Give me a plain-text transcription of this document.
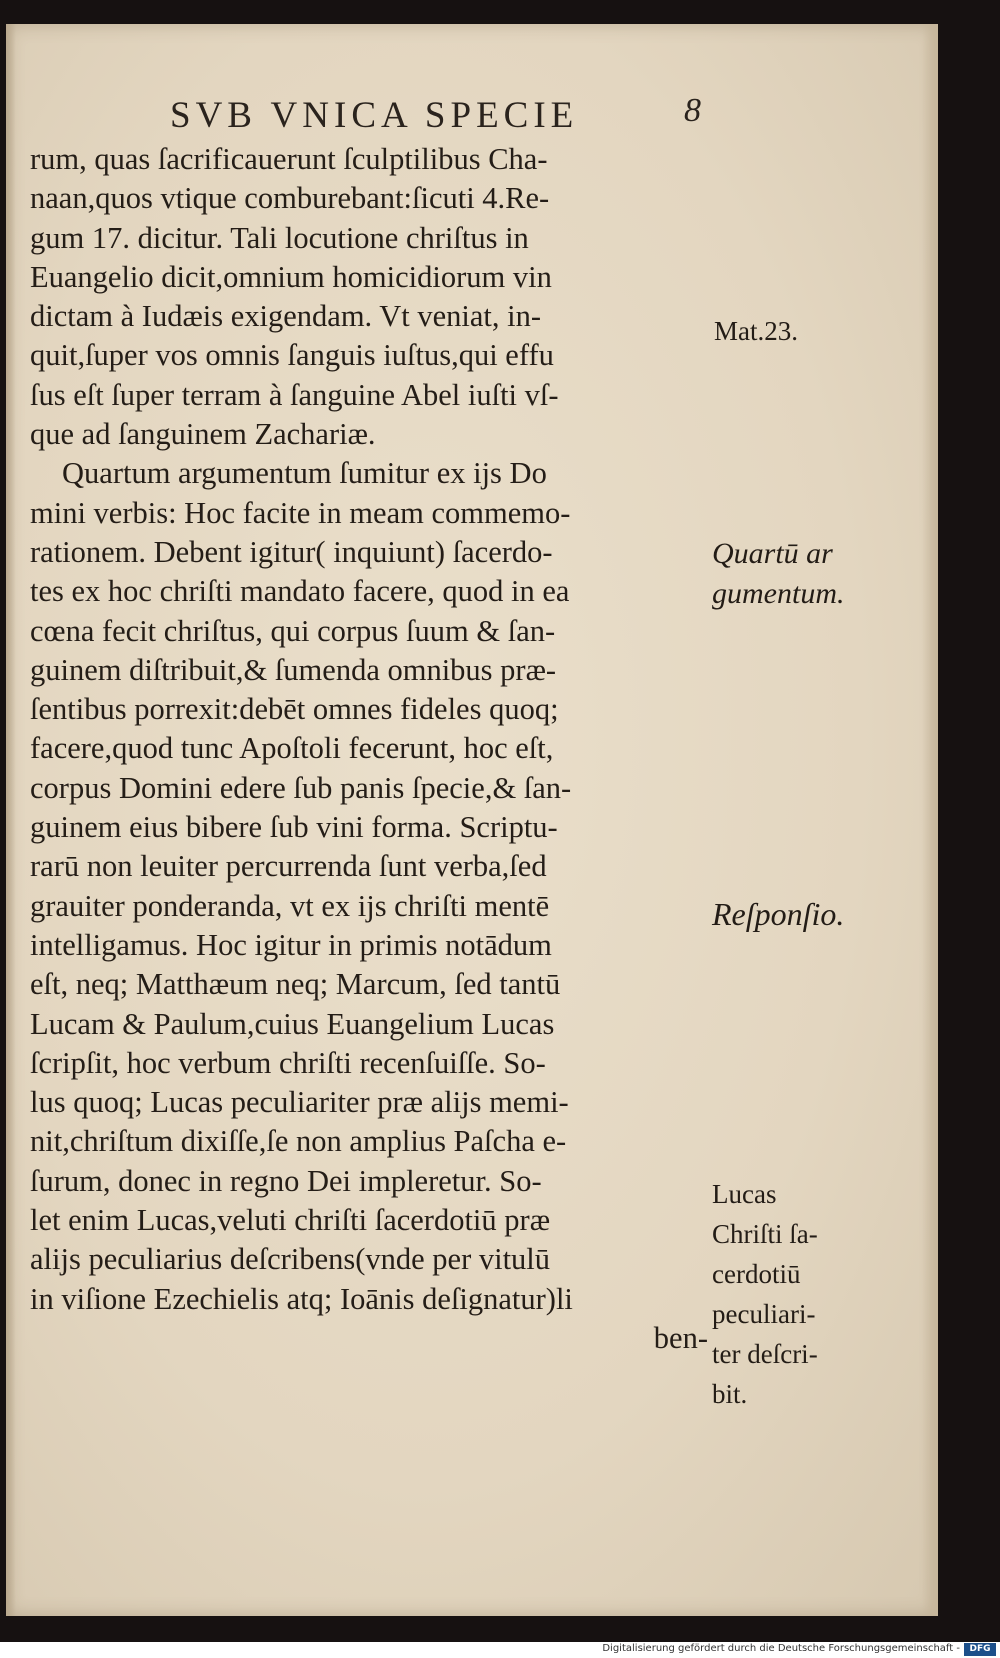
SVB VNICA SPECIE	8
rum, quas ſacrificauerunt ſculptilibus Cha-
naan,quos vtique comburebant:ſicuti 4.Re-
gum 17. dicitur. Tali locutione chriſtus in
Euangelio dicit,omnium homicidiorum vin
dictam à Iudæis exigendam. Vt veniat, in-
quit,ſuper vos omnis ſanguis iuſtus,qui effu
ſus eſt ſuper terram à ſanguine Abel iuſti vſ-
que ad ſanguinem Zachariæ.
Quartum argumentum ſumitur ex ijs Do
mini verbis: Hoc facite in meam commemo-
rationem. Debent igitur( inquiunt) ſacerdo-
tes ex hoc chriſti mandato facere, quod in ea
cœna fecit chriſtus, qui corpus ſuum & ſan-
guinem diſtribuit,& ſumenda omnibus præ-
ſentibus porrexit:debēt omnes fideles quoq;
facere,quod tunc Apoſtoli fecerunt, hoc eſt,
corpus Domini edere ſub panis ſpecie,& ſan-
guinem eius bibere ſub vini forma. Scriptu-
rarū non leuiter percurrenda ſunt verba,ſed
grauiter ponderanda, vt ex ijs chriſti mentē
intelligamus. Hoc igitur in primis notādum
eſt, neq; Matthæum neq; Marcum, ſed tantū
Lucam & Paulum,cuius Euangelium Lucas
ſcripſit, hoc verbum chriſti recenſuiſſe. So-
lus quoq; Lucas peculiariter præ alijs memi-
nit,chriſtum dixiſſe,ſe non amplius Paſcha e-
ſurum, donec in regno Dei impleretur. So-
let enim Lucas,veluti chriſti ſacerdotiū præ
alijs peculiarius deſcribens(vnde per vitulū
in viſione Ezechielis atq; Ioānis deſignatur)li
ben-
Mat.23.
Quartū ar
gumentum.
Reſponſio.
Lucas
Chriſti ſa-
cerdotiū
peculiari-
ter deſcri-
bit.
Digitalisierung gefördert durch die Deutsche Forschungsgemeinschaft -	DFG
